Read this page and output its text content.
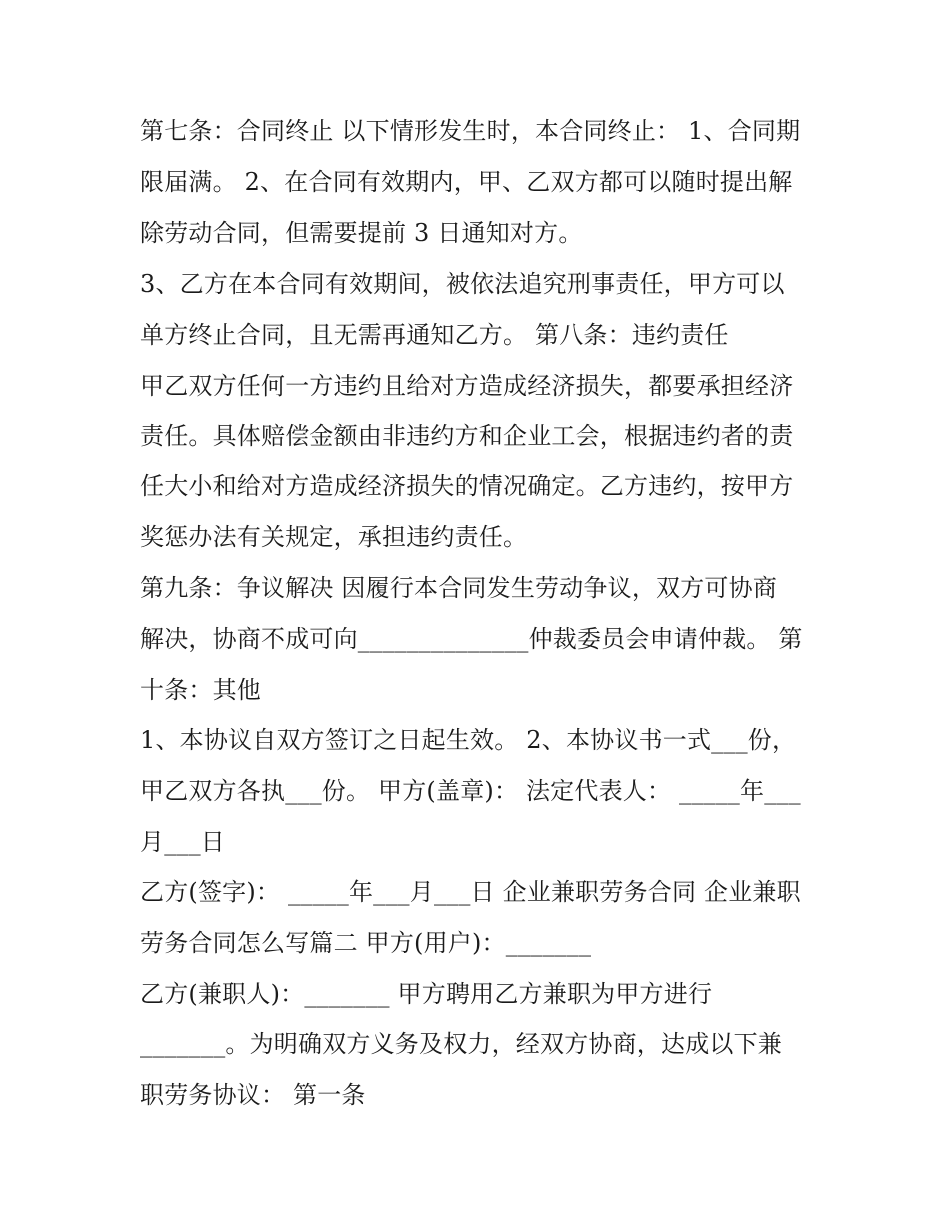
第七条：合同终止 以下情形发生时，本合同终止： 1、合同期
限届满。 2、在合同有效期内，甲、乙双方都可以随时提出解
除劳动合同，但需要提前 3 日通知对方。
3、乙方在本合同有效期间，被依法追究刑事责任，甲方可以
单方终止合同，且无需再通知乙方。 第八条：违约责任
甲乙双方任何一方违约且给对方造成经济损失，都要承担经济
责任。具体赔偿金额由非违约方和企业工会，根据违约者的责
任大小和给对方造成经济损失的情况确定。乙方违约，按甲方
奖惩办法有关规定，承担违约责任。
第九条：争议解决 因履行本合同发生劳动争议，双方可协商
解决，协商不成可向______________仲裁委员会申请仲裁。 第
十条：其他
1、本协议自双方签订之日起生效。 2、本协议书一式___份，
甲乙双方各执___份。 甲方(盖章)： 法定代表人： _____年___
月___日
乙方(签字)： _____年___月___日 企业兼职劳务合同 企业兼职
劳务合同怎么写篇二 甲方(用户)：_______
乙方(兼职人)：_______ 甲方聘用乙方兼职为甲方进行
_______。为明确双方义务及权力，经双方协商，达成以下兼
职劳务协议： 第一条
